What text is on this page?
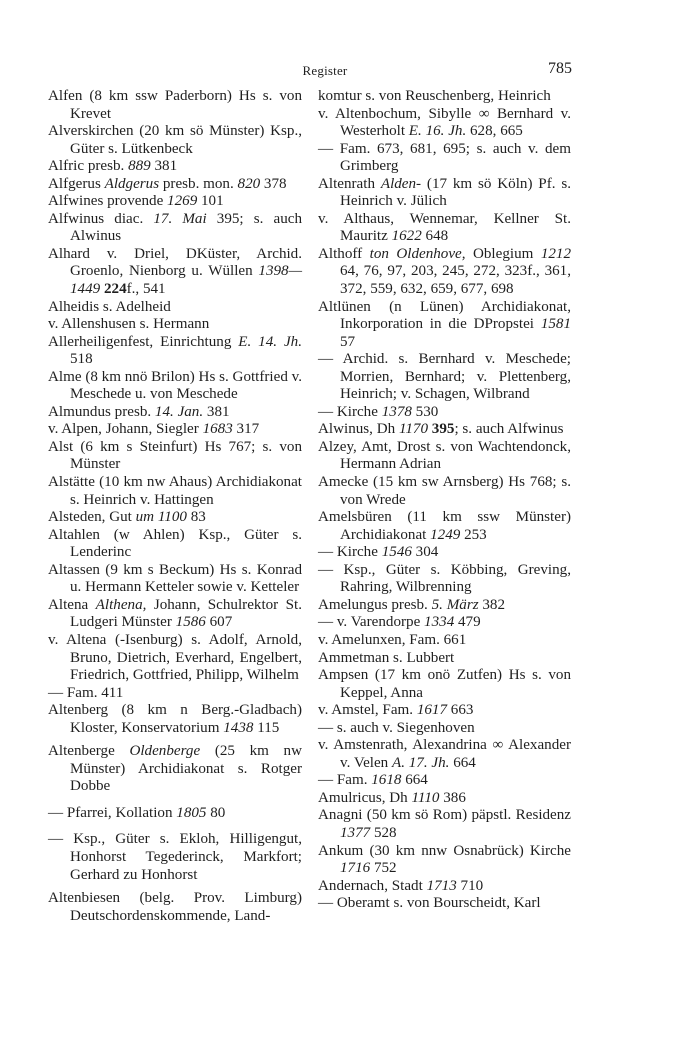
Register	785

Alfen (8 km ssw Paderborn) Hs s. von Krevet

Alverskirchen (20 km sö Münster) Ksp., Güter s. Lütkenbeck

Alfric presb. 889 381

Alfgerus Aldgerus presb. mon. 820 378

Alfwines provende 1269 101

Alfwinus diac. 17. Mai 395; s. auch Alwinus

Alhard v. Driel, DKüster, Archid. Groenlo, Nienborg u. Wüllen 1398—1449 224f., 541

Alheidis s. Adelheid

v. Allenshusen s. Hermann

Allerheiligenfest, Einrichtung E. 14. Jh. 518

Alme (8 km nnö Brilon) Hs s. Gottfried v. Meschede u. von Meschede

Almundus presb. 14. Jan. 381

v. Alpen, Johann, Siegler 1683 317

Alst (6 km s Steinfurt) Hs 767; s. von Münster

Alstätte (10 km nw Ahaus) Archidiakonat s. Heinrich v. Hattingen

Alsteden, Gut um 1100 83

Altahlen (w Ahlen) Ksp., Güter s. Lenderinc

Altassen (9 km s Beckum) Hs s. Konrad u. Hermann Ketteler sowie v. Ketteler

Altena Althena, Johann, Schulrektor St. Ludgeri Münster 1586 607

v. Altena (-Isenburg) s. Adolf, Arnold, Bruno, Dietrich, Everhard, Engelbert, Friedrich, Gottfried, Philipp, Wilhelm

— Fam. 411

Altenberg (8 km n Berg.-Gladbach) Kloster, Konservatorium 1438 115

Altenberge Oldenberge (25 km nw Münster) Archidiakonat s. Rotger Dobbe

— Pfarrei, Kollation 1805 80

— Ksp., Güter s. Ekloh, Hilligengut, Honhorst Tegederinck, Markfort; Gerhard zu Honhorst

Altenbiesen (belg. Prov. Limburg) Deutschordenskommende, Land-

komtur s. von Reuschenberg, Heinrich

v. Altenbochum, Sibylle ∞ Bernhard v. Westerholt E. 16. Jh. 628, 665

— Fam. 673, 681, 695; s. auch v. dem Grimberg

Altenrath Alden- (17 km sö Köln) Pf. s. Heinrich v. Jülich

v. Althaus, Wennemar, Kellner St. Mauritz 1622 648

Althoff ton Oldenhove, Oblegium 1212 64, 76, 97, 203, 245, 272, 323f., 361, 372, 559, 632, 659, 677, 698

Altlünen (n Lünen) Archidiakonat, Inkorporation in die DPropstei 1581 57

— Archid. s. Bernhard v. Meschede; Morrien, Bernhard; v. Plettenberg, Heinrich; v. Schagen, Wilbrand

— Kirche 1378 530

Alwinus, Dh 1170 395; s. auch Alfwinus

Alzey, Amt, Drost s. von Wachtendonck, Hermann Adrian

Amecke (15 km sw Arnsberg) Hs 768; s. von Wrede

Amelsbüren (11 km ssw Münster) Archidiakonat 1249 253

— Kirche 1546 304

— Ksp., Güter s. Köbbing, Greving, Rahring, Wilbrenning

Amelungus presb. 5. März 382

— v. Varendorpe 1334 479

v. Amelunxen, Fam. 661

Ammetman s. Lubbert

Ampsen (17 km onö Zutfen) Hs s. von Keppel, Anna

v. Amstel, Fam. 1617 663

— s. auch v. Siegenhoven

v. Amstenrath, Alexandrina ∞ Alexander v. Velen A. 17. Jh. 664

— Fam. 1618 664

Amulricus, Dh 1110 386

Anagni (50 km sö Rom) päpstl. Residenz 1377 528

Ankum (30 km nnw Osnabrück) Kirche 1716 752

Andernach, Stadt 1713 710

— Oberamt s. von Bourscheidt, Karl
